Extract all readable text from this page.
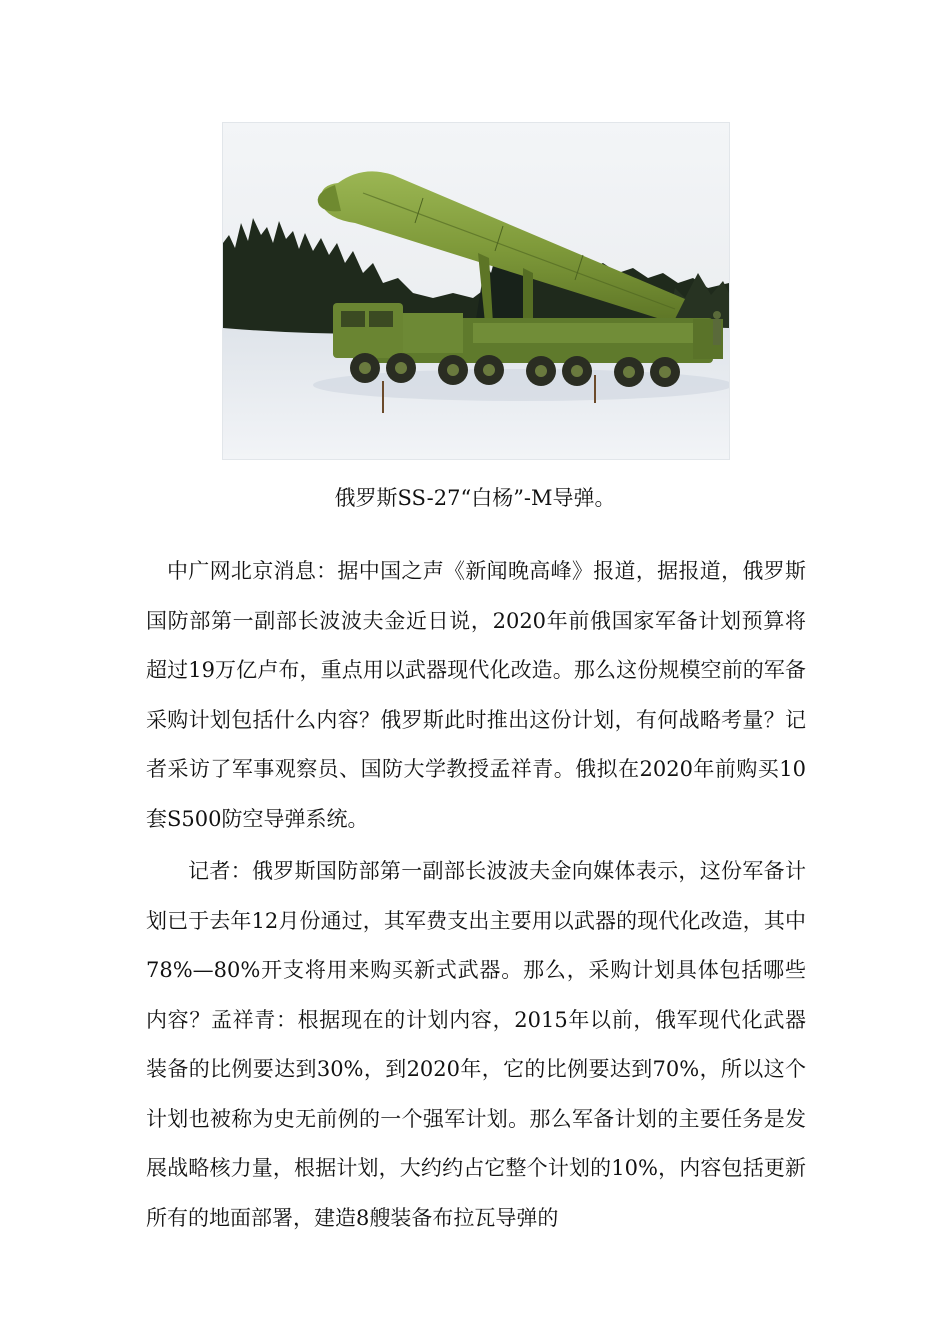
俄罗斯SS-27“白杨”-M导弹。

中广网北京消息：据中国之声《新闻晚高峰》报道，据报道，俄罗斯国防部第一副部长波波夫金近日说，2020年前俄国家军备计划预算将超过19万亿卢布，重点用以武器现代化改造。那么这份规模空前的军备采购计划包括什么内容？俄罗斯此时推出这份计划，有何战略考量？记者采访了军事观察员、国防大学教授孟祥青。俄拟在2020年前购买10套S500防空导弹系统。

记者：俄罗斯国防部第一副部长波波夫金向媒体表示，这份军备计划已于去年12月份通过，其军费支出主要用以武器的现代化改造，其中78%—80%开支将用来购买新式武器。那么，采购计划具体包括哪些内容？孟祥青：根据现在的计划内容，2015年以前，俄军现代化武器装备的比例要达到30%，到2020年，它的比例要达到70%，所以这个计划也被称为史无前例的一个强军计划。那么军备计划的主要任务是发展战略核力量，根据计划，大约约占它整个计划的10%，内容包括更新所有的地面部署，建造8艘装备布拉瓦导弹的
